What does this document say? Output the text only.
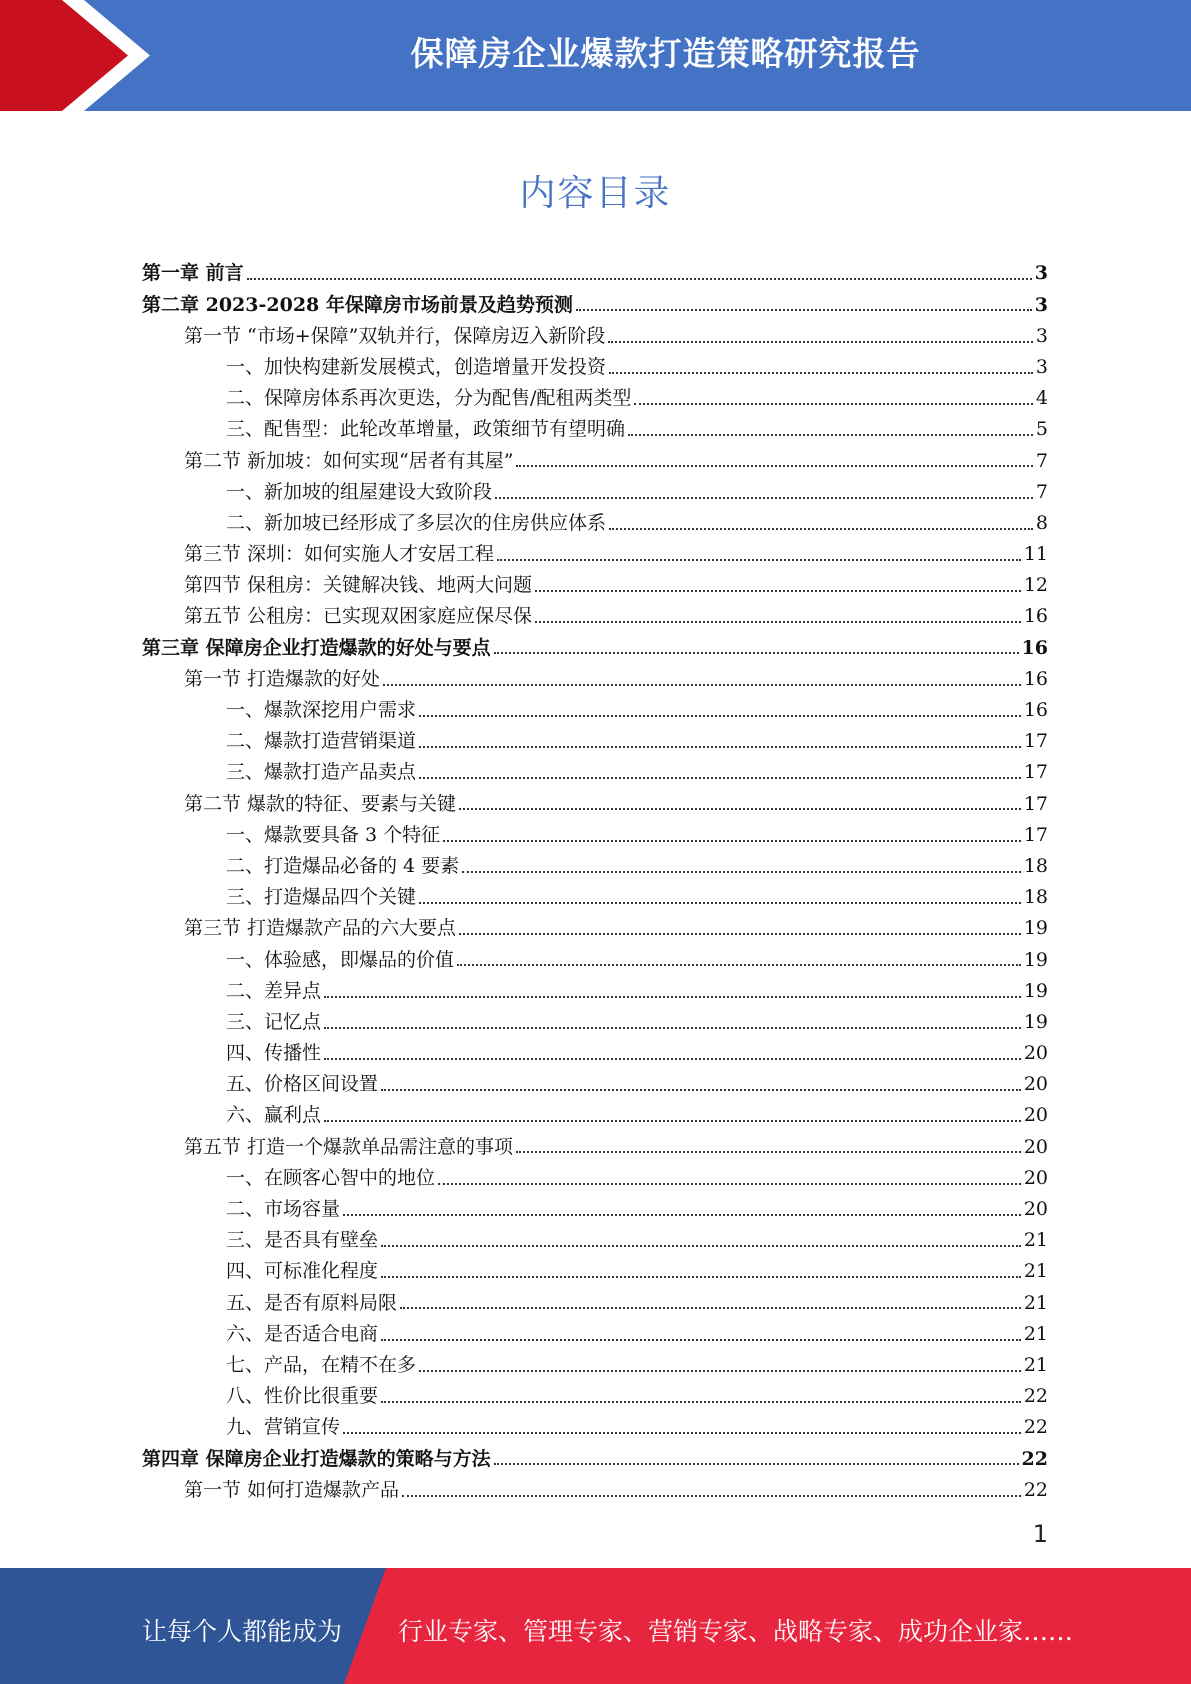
保障房企业爆款打造策略研究报告
内容目录
第一章 前言	3
第二章 2023-2028 年保障房市场前景及趋势预测	3
第一节 “市场+保障”双轨并行，保障房迈入新阶段	3
一、加快构建新发展模式，创造增量开发投资	3
二、保障房体系再次更迭，分为配售/配租两类型	4
三、配售型：此轮改革增量，政策细节有望明确	5
第二节 新加坡：如何实现“居者有其屋”	7
一、新加坡的组屋建设大致阶段	7
二、新加坡已经形成了多层次的住房供应体系	8
第三节 深圳：如何实施人才安居工程	11
第四节 保租房：关键解决钱、地两大问题	12
第五节 公租房：已实现双困家庭应保尽保	16
第三章 保障房企业打造爆款的好处与要点	16
第一节 打造爆款的好处	16
一、爆款深挖用户需求	16
二、爆款打造营销渠道	17
三、爆款打造产品卖点	17
第二节 爆款的特征、要素与关键	17
一、爆款要具备 3 个特征	17
二、打造爆品必备的 4 要素	18
三、打造爆品四个关键	18
第三节 打造爆款产品的六大要点	19
一、体验感，即爆品的价值	19
二、差异点	19
三、记忆点	19
四、传播性	20
五、价格区间设置	20
六、赢利点	20
第五节 打造一个爆款单品需注意的事项	20
一、在顾客心智中的地位	20
二、市场容量	20
三、是否具有壁垒	21
四、可标准化程度	21
五、是否有原料局限	21
六、是否适合电商	21
七、产品，在精不在多	21
八、性价比很重要	22
九、营销宣传	22
第四章 保障房企业打造爆款的策略与方法	22
第一节 如何打造爆款产品	22
1
让每个人都能成为 行业专家、管理专家、营销专家、战略专家、成功企业家……
